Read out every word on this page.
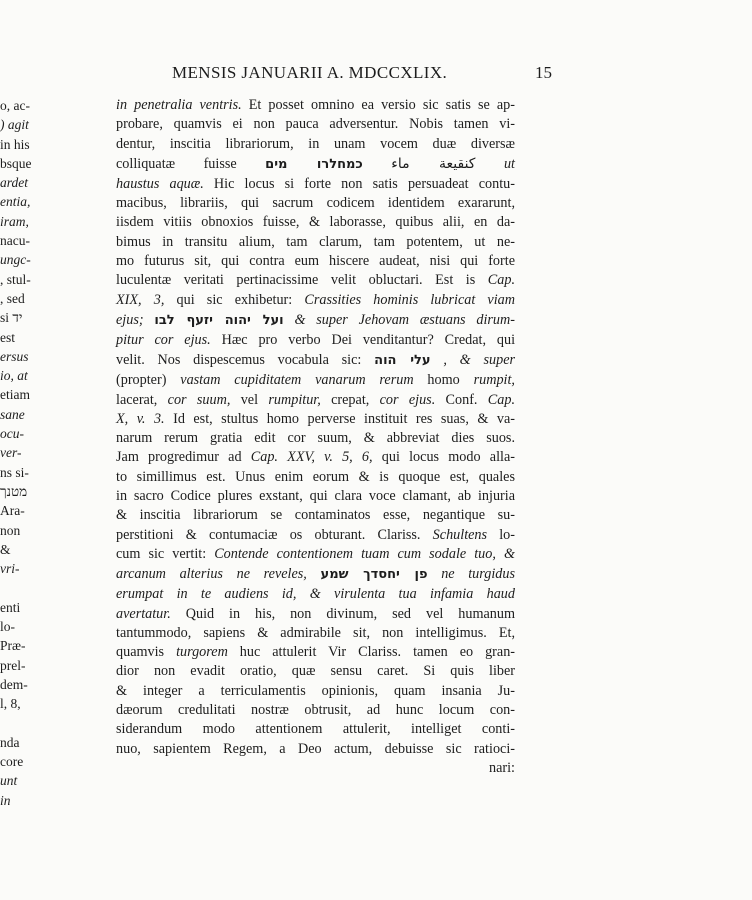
MENSIS JANUARII A. MDCCXLIX.	15
o, ac-
) agit
in his
bsque
ardet
entia,
iram,
nacu-
ungc-
, stul-
, sed
si יד
est
ersus
io, at
etiam
sane
ocu-
ver-
ns si-
מטנך
Ara-
non
&
vri-
enti
lo-
Præ-
prel-
dem-
l, 8,
nda
core
unt
in
in penetralia ventris. Et posset omnino ea versio sic satis se ap-
probare, quamvis ei non pauca adversentur. Nobis tamen vi-
dentur, inscitia librariorum, in unam vocem duæ diversæ
colliquatæ fuisse כמחלרו מים كنقيعة ماء ut
haustus aquæ. Hic locus si forte non satis persuadeat contu-
macibus, librariis, qui sacrum codicem identidem exararunt,
iisdem vitiis obnoxios fuisse, & laborasse, quibus alii, en da-
bimus in transitu alium, tam clarum, tam potentem, ut ne-
mo futurus sit, qui contra eum hiscere audeat, nisi qui forte
luculentæ veritati pertinacissime velit obluctari. Est is Cap.
XIX, 3, qui sic exhibetur: Crassities hominis lubricat viam
ejus; ועל יהוה יזעף לבו & super Jehovam æstuans dirum-
pitur cor ejus. Hæc pro verbo Dei venditantur? Credat, qui
velit. Nos dispescemus vocabula sic: עלי הוה , & super
(propter) vastam cupiditatem vanarum rerum homo rumpit,
lacerat, cor suum, vel rumpitur, crepat, cor ejus. Conf. Cap.
X, v. 3. Id est, stultus homo perverse instituit res suas, & va-
narum rerum gratia edit cor suum, & abbreviat dies suos.
Jam progredimur ad Cap. XXV, v. 5, 6, qui locus modo alla-
to simillimus est. Unus enim eorum & is quoque est, quales
in sacro Codice plures exstant, qui clara voce clamant, ab injuria
& inscitia librariorum se contaminatos esse, negantique su-
perstitioni & contumaciæ os obturant. Clariss. Schultens lo-
cum sic vertit: Contende contentionem tuam cum sodale tuo, &
arcanum alterius ne reveles, פן יחסדך שמע ne turgidus
erumpat in te audiens id, & virulenta tua infamia haud
avertatur. Quid in his, non divinum, sed vel humanum
tantummodo, sapiens & admirabile sit, non intelligimus. Et,
quamvis turgorem huc attulerit Vir Clariss. tamen eo gran-
dior non evadit oratio, quæ sensu caret. Si quis liber
& integer a terriculamentis opinionis, quam insania Ju-
dæorum credulitati nostræ obtrusit, ad hunc locum con-
siderandum modo attentionem attulerit, intelliget conti-
nuo, sapientem Regem, a Deo actum, debuisse sic ratioci-
nari:
